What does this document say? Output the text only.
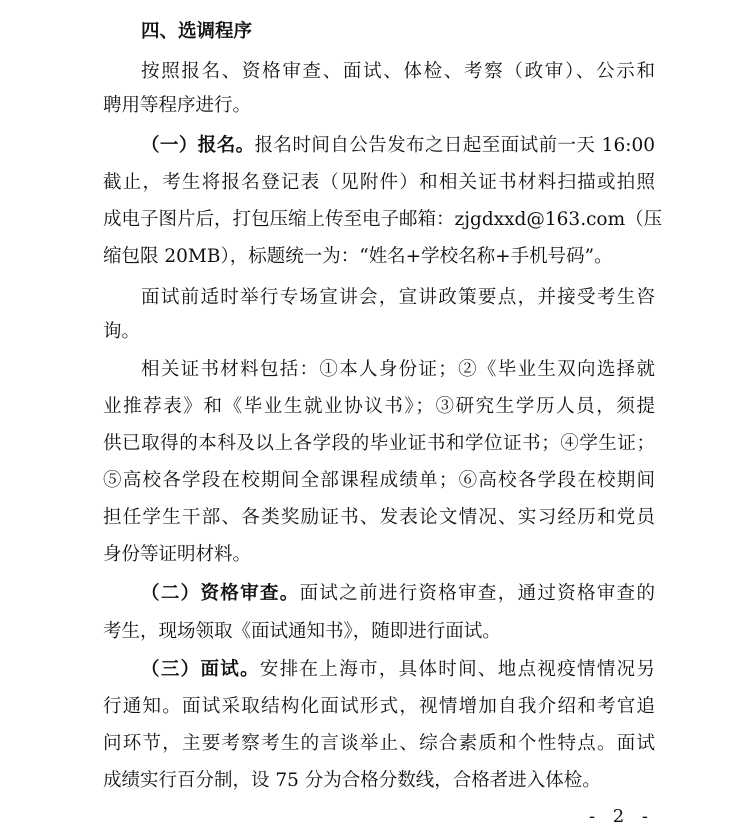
四、选调程序
按照报名、资格审查、面试、体检、考察（政审）、公示和
聘用等程序进行。
（一）报名。报名时间自公告发布之日起至面试前一天 16:00
截止，考生将报名登记表（见附件）和相关证书材料扫描或拍照
成电子图片后，打包压缩上传至电子邮箱：zjgdxxd@163.com（压
缩包限 20MB），标题统一为：“姓名+学校名称+手机号码”。
面试前适时举行专场宣讲会，宣讲政策要点，并接受考生咨
询。
相关证书材料包括：①本人身份证；②《毕业生双向选择就
业推荐表》和《毕业生就业协议书》；③研究生学历人员，须提
供已取得的本科及以上各学段的毕业证书和学位证书；④学生证；
⑤高校各学段在校期间全部课程成绩单；⑥高校各学段在校期间
担任学生干部、各类奖励证书、发表论文情况、实习经历和党员
身份等证明材料。
（二）资格审查。面试之前进行资格审查，通过资格审查的
考生，现场领取《面试通知书》，随即进行面试。
（三）面试。安排在上海市，具体时间、地点视疫情情况另
行通知。面试采取结构化面试形式，视情增加自我介绍和考官追
问环节，主要考察考生的言谈举止、综合素质和个性特点。面试
成绩实行百分制，设 75 分为合格分数线，合格者进入体检。
- 2 -
